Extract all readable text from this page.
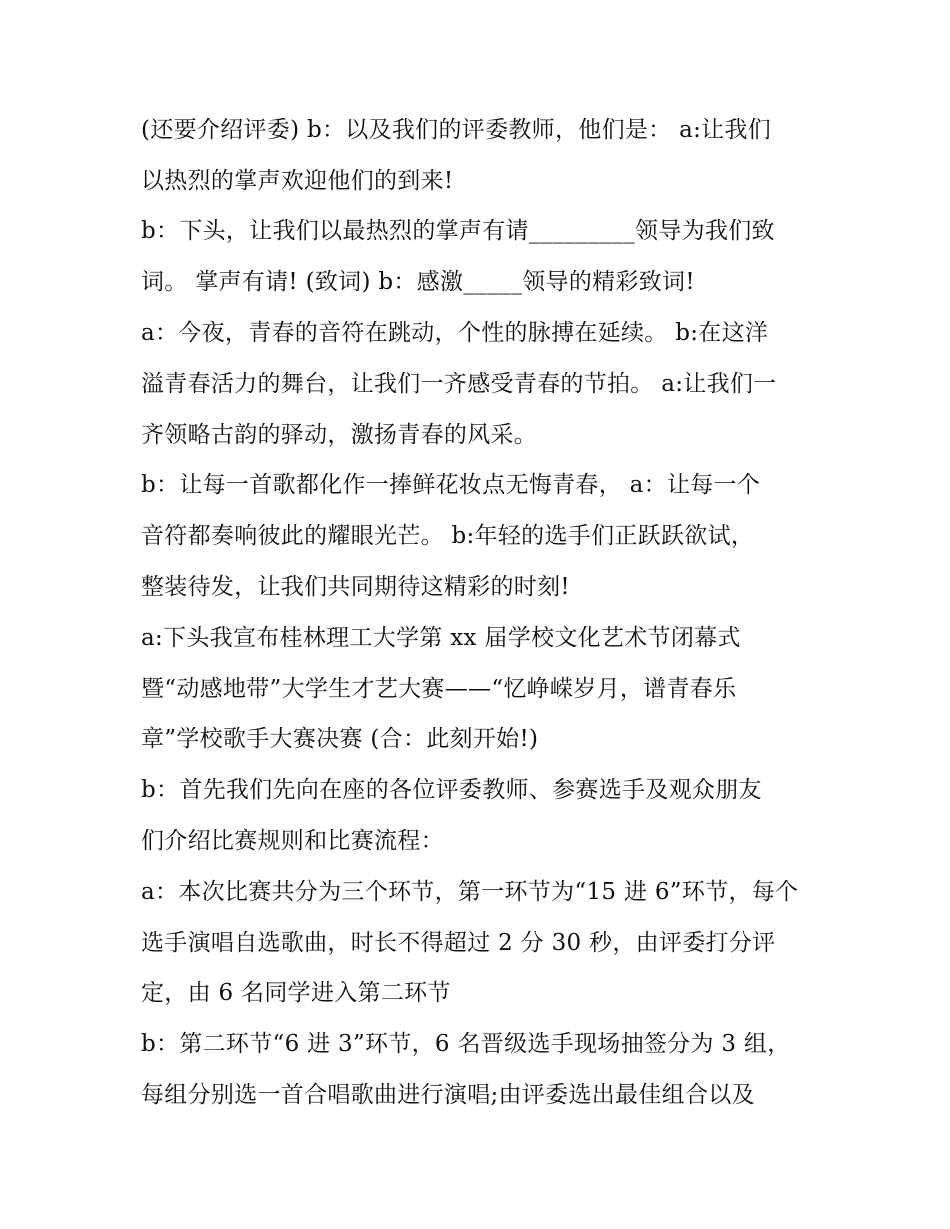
(还要介绍评委) b：以及我们的评委教师，他们是： a:让我们
以热烈的掌声欢迎他们的到来!
b：下头，让我们以最热烈的掌声有请_________领导为我们致
词。 掌声有请! (致词) b：感激_____领导的精彩致词!
a：今夜，青春的音符在跳动，个性的脉搏在延续。 b:在这洋
溢青春活力的舞台，让我们一齐感受青春的节拍。 a:让我们一
齐领略古韵的驿动，激扬青春的风采。
b：让每一首歌都化作一捧鲜花妆点无悔青春， a：让每一个
音符都奏响彼此的耀眼光芒。 b:年轻的选手们正跃跃欲试，
整装待发，让我们共同期待这精彩的时刻!
a:下头我宣布桂林理工大学第 xx 届学校文化艺术节闭幕式
暨“动感地带”大学生才艺大赛——“忆峥嵘岁月，谱青春乐
章”学校歌手大赛决赛 (合：此刻开始!)
b：首先我们先向在座的各位评委教师、参赛选手及观众朋友
们介绍比赛规则和比赛流程：
a：本次比赛共分为三个环节，第一环节为“15 进 6”环节，每个
选手演唱自选歌曲，时长不得超过 2 分 30 秒，由评委打分评
定，由 6 名同学进入第二环节
b：第二环节“6 进 3”环节，6 名晋级选手现场抽签分为 3 组，
每组分别选一首合唱歌曲进行演唱;由评委选出最佳组合以及
